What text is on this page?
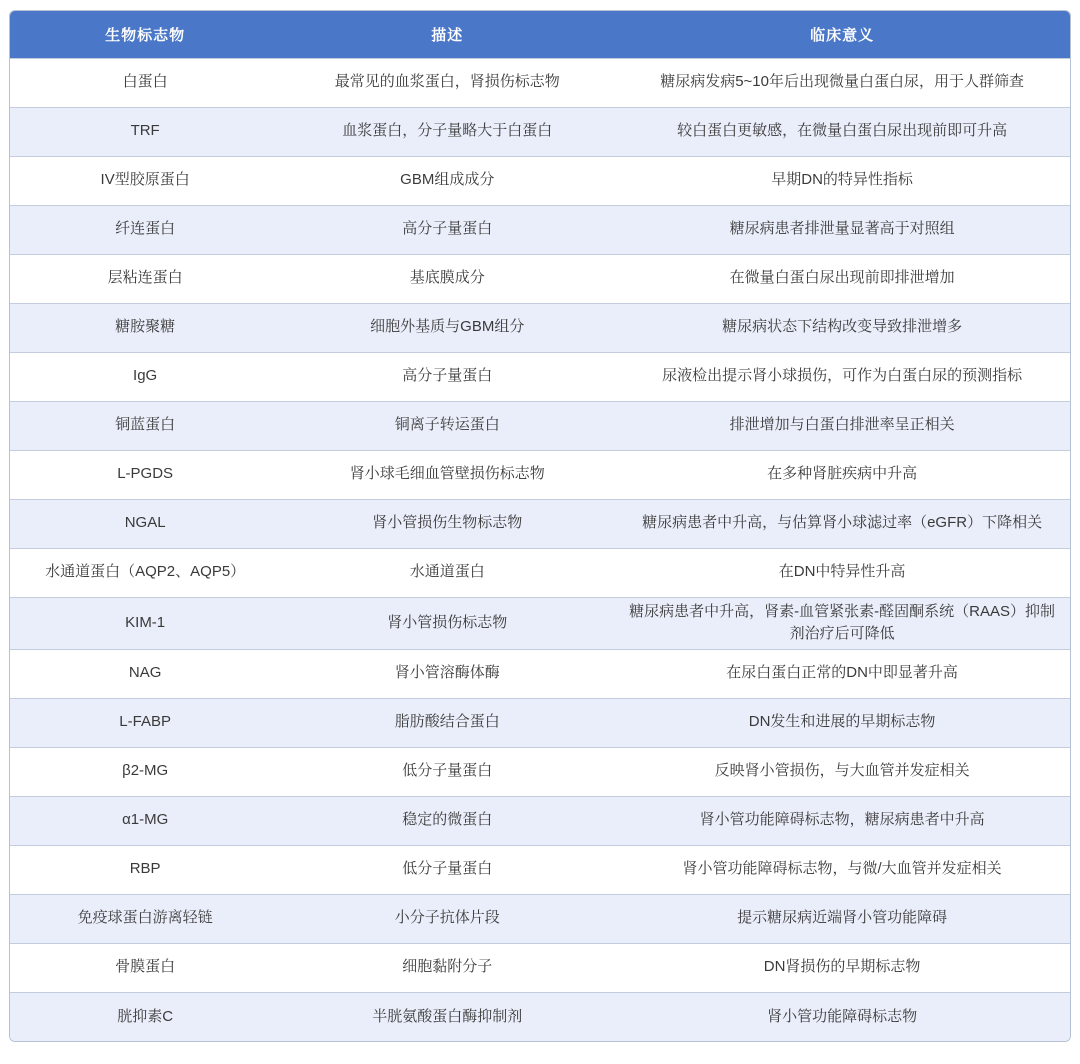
生物标志物	描述	临床意义
白蛋白	最常见的血浆蛋白，肾损伤标志物	糖尿病发病5~10年后出现微量白蛋白尿，用于人群筛查
TRF	血浆蛋白，分子量略大于白蛋白	较白蛋白更敏感，在微量白蛋白尿出现前即可升高
IV型胶原蛋白	GBM组成成分	早期DN的特异性指标
纤连蛋白	高分子量蛋白	糖尿病患者排泄量显著高于对照组
层粘连蛋白	基底膜成分	在微量白蛋白尿出现前即排泄增加
糖胺聚糖	细胞外基质与GBM组分	糖尿病状态下结构改变导致排泄增多
IgG	高分子量蛋白	尿液检出提示肾小球损伤，可作为白蛋白尿的预测指标
铜蓝蛋白	铜离子转运蛋白	排泄增加与白蛋白排泄率呈正相关
L-PGDS	肾小球毛细血管壁损伤标志物	在多种肾脏疾病中升高
NGAL	肾小管损伤生物标志物	糖尿病患者中升高，与估算肾小球滤过率（eGFR）下降相关
水通道蛋白（AQP2、AQP5）	水通道蛋白	在DN中特异性升高
KIM-1	肾小管损伤标志物	糖尿病患者中升高，肾素-血管紧张素-醛固酮系统（RAAS）抑制剂治疗后可降低
NAG	肾小管溶酶体酶	在尿白蛋白正常的DN中即显著升高
L-FABP	脂肪酸结合蛋白	DN发生和进展的早期标志物
β2-MG	低分子量蛋白	反映肾小管损伤，与大血管并发症相关
α1-MG	稳定的微蛋白	肾小管功能障碍标志物，糖尿病患者中升高
RBP	低分子量蛋白	肾小管功能障碍标志物，与微/大血管并发症相关
免疫球蛋白游离轻链	小分子抗体片段	提示糖尿病近端肾小管功能障碍
骨膜蛋白	细胞黏附分子	DN肾损伤的早期标志物
胱抑素C	半胱氨酸蛋白酶抑制剂	肾小管功能障碍标志物
